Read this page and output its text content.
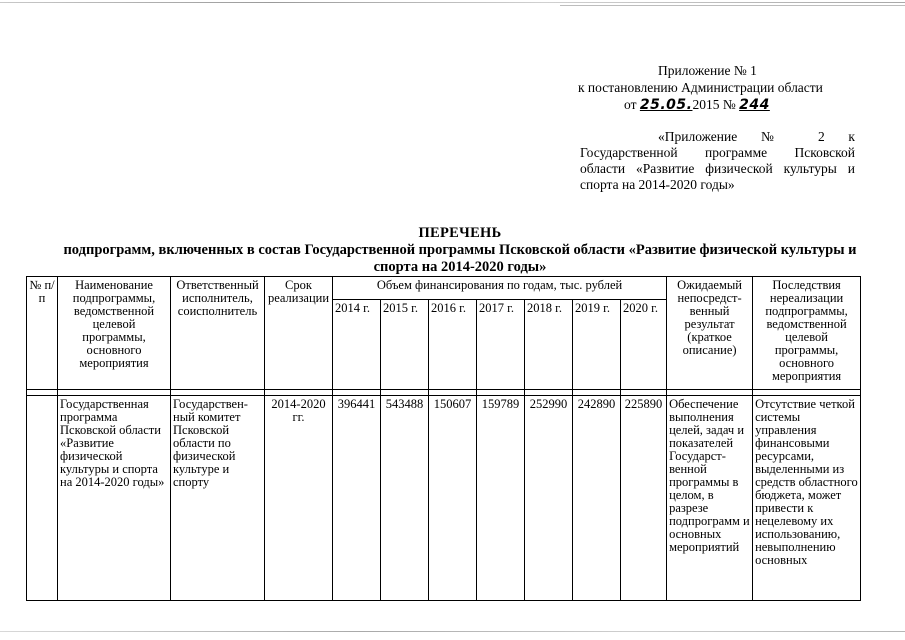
Приложение № 1
к постановлению Администрации области
от 25.05.2015 № 244
«Приложение № 2 к Государственной программе Псковской области «Развитие физической культуры и спорта на 2014-2020 годы»
ПЕРЕЧЕНЬ
подпрограмм, включенных в состав Государственной программы Псковской области «Развитие физической культуры и спорта на 2014-2020 годы»
№ п/п	Наименование подпрограммы, ведомственной целевой программы, основного мероприятия	Ответственный исполнитель, соисполнитель	Срок реализации	Объем финансирования по годам, тыс. рублей							Ожидаемый непосредст-венный результат (краткое описание)	Последствия нереализации подпрограммы, ведомственной целевой программы, основного мероприятия
				2014 г.	2015 г.	2016 г.	2017 г.	2018 г.	2019 г.	2020 г.		

	Государственная программа Псковской области «Развитие физической культуры и спорта на 2014-2020 годы»	Государствен-ный комитет Псковской области по физической культуре и спорту	2014-2020 гг.	396441	543488	150607	159789	252990	242890	225890	Обеспечение выполнения целей, задач и показателей Государст-венной программы в целом, в разрезе подпрограмм и основных мероприятий	Отсутствие четкой системы управления финансовыми ресурсами, выделенными из средств областного бюджета, может привести к нецелевому их использованию, невыполнению основных
